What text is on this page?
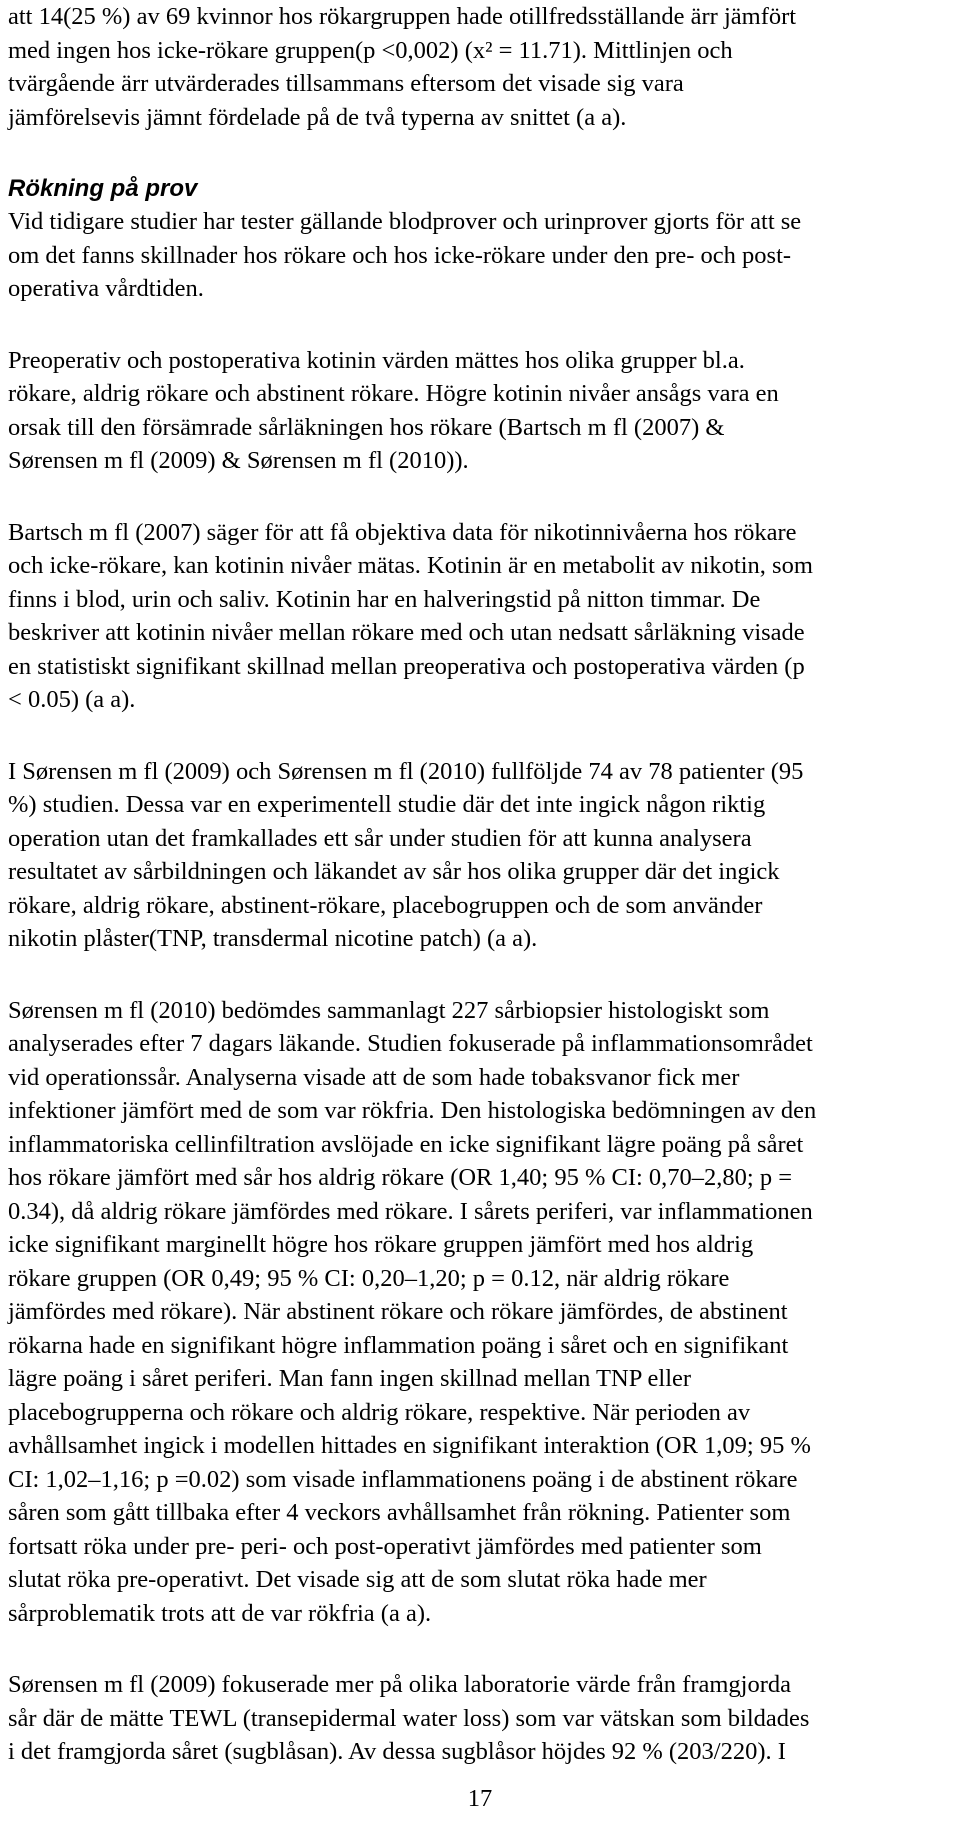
att 14(25 %) av 69 kvinnor hos rökargruppen hade otillfredsställande ärr jämfört

med ingen hos icke-rökare gruppen(p <0,002) (x² = 11.71). Mittlinjen och

tvärgående ärr utvärderades tillsammans eftersom det visade sig vara

jämförelsevis jämnt fördelade på de två typerna av snittet (a a).

Rökning på prov

Vid tidigare studier har tester gällande blodprover och urinprover gjorts för att se

om det fanns skillnader hos rökare och hos icke-rökare under den pre- och post-

operativa vårdtiden.

Preoperativ och postoperativa kotinin värden mättes hos olika grupper bl.a.

rökare, aldrig rökare och abstinent rökare. Högre kotinin nivåer ansågs vara en

orsak till den försämrade sårläkningen hos rökare (Bartsch m fl (2007) &

Sørensen m fl (2009) & Sørensen m fl (2010)).

Bartsch m fl (2007) säger för att få objektiva data för nikotinnivåerna hos rökare

och icke-rökare, kan kotinin nivåer mätas. Kotinin är en metabolit av nikotin, som

finns i blod, urin och saliv. Kotinin har en halveringstid på nitton timmar. De

beskriver att kotinin nivåer mellan rökare med och utan nedsatt sårläkning visade

en statistiskt signifikant skillnad mellan preoperativa och postoperativa värden (p

< 0.05) (a a).

I Sørensen m fl (2009) och Sørensen m fl (2010) fullföljde 74 av 78 patienter (95

%) studien. Dessa var en experimentell studie där det inte ingick någon riktig

operation utan det framkallades ett sår under studien för att kunna analysera

resultatet av sårbildningen och läkandet av sår hos olika grupper där det ingick

rökare, aldrig rökare, abstinent-rökare, placebogruppen och de som använder

nikotin plåster(TNP, transdermal nicotine patch) (a a).

Sørensen m fl (2010) bedömdes sammanlagt 227 sårbiopsier histologiskt som

analyserades efter 7 dagars läkande. Studien fokuserade på inflammationsområdet

vid operationssår. Analyserna visade att de som hade tobaksvanor fick mer

infektioner jämfört med de som var rökfria. Den histologiska bedömningen av den

inflammatoriska cellinfiltration avslöjade en icke signifikant lägre poäng på såret

hos rökare jämfört med sår hos aldrig rökare (OR 1,40; 95 % CI: 0,70–2,80; p =

0.34), då aldrig rökare jämfördes med rökare. I sårets periferi, var inflammationen

icke signifikant marginellt högre hos rökare gruppen jämfört med hos aldrig

rökare gruppen (OR 0,49; 95 % CI: 0,20–1,20; p = 0.12, när aldrig rökare

jämfördes med rökare). När abstinent rökare och rökare jämfördes, de abstinent

rökarna hade en signifikant högre inflammation poäng i såret och en signifikant

lägre poäng i såret periferi. Man fann ingen skillnad mellan TNP eller

placebogrupperna och rökare och aldrig rökare, respektive. När perioden av

avhållsamhet ingick i modellen hittades en signifikant interaktion (OR 1,09; 95 %

CI: 1,02–1,16; p =0.02) som visade inflammationens poäng i de abstinent rökare

såren som gått tillbaka efter 4 veckors avhållsamhet från rökning. Patienter som

fortsatt röka under pre- peri- och post-operativt jämfördes med patienter som

slutat röka pre-operativt. Det visade sig att de som slutat röka hade mer

sårproblematik trots att de var rökfria (a a).

Sørensen m fl (2009) fokuserade mer på olika laboratorie värde från framgjorda

sår där de mätte TEWL (transepidermal water loss) som var vätskan som bildades

i det framgjorda såret (sugblåsan). Av dessa sugblåsor höjdes 92 % (203/220). I

17
